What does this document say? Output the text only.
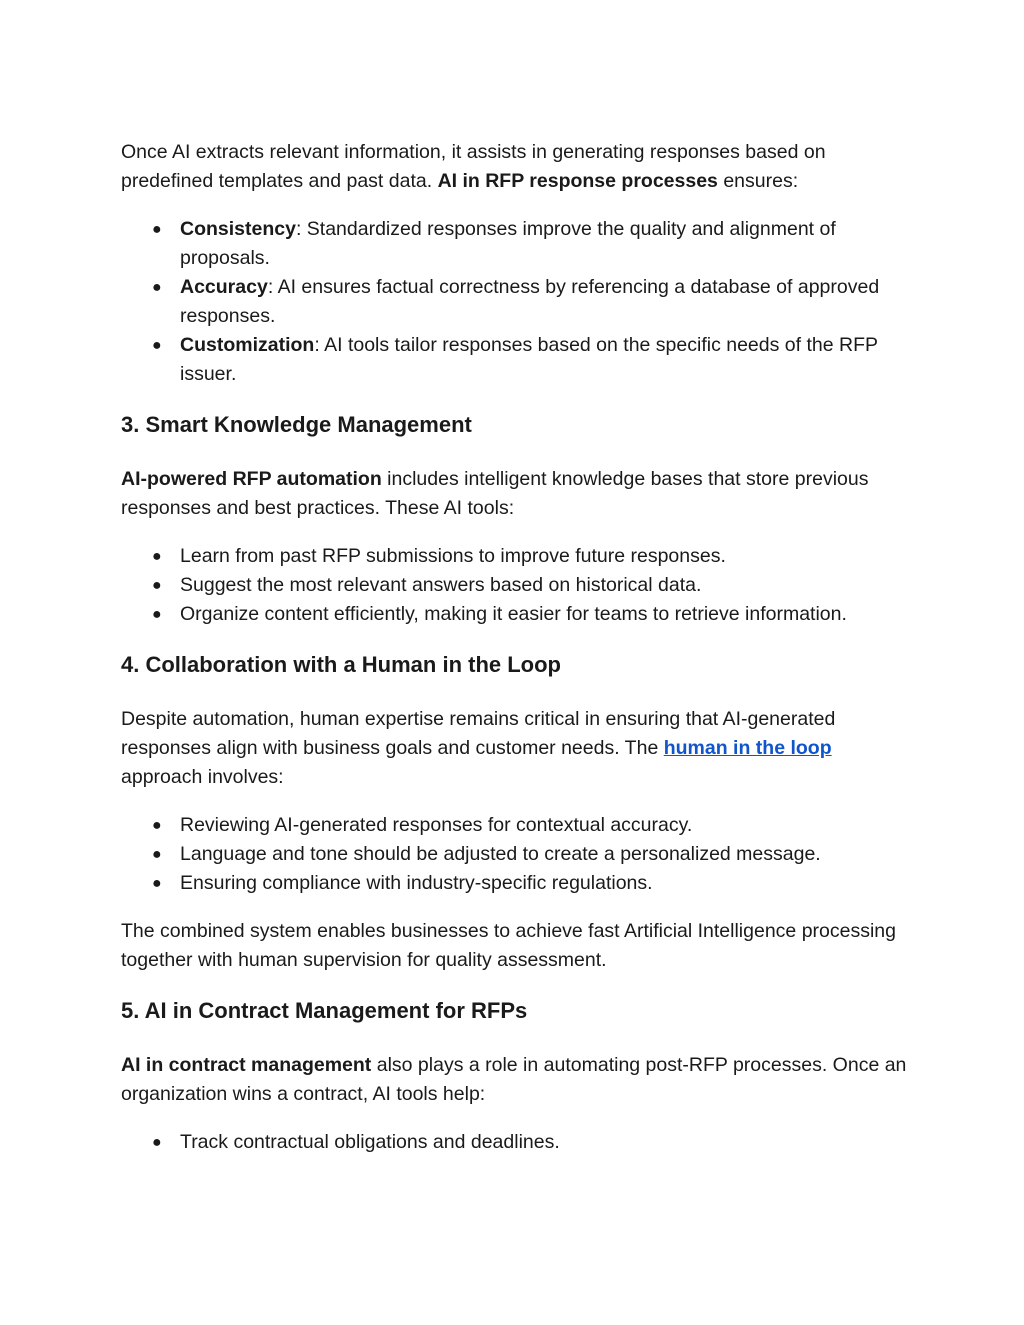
Once AI extracts relevant information, it assists in generating responses based on predefined templates and past data. AI in RFP response processes ensures:

● Consistency: Standardized responses improve the quality and alignment of proposals.
● Accuracy: AI ensures factual correctness by referencing a database of approved responses.
● Customization: AI tools tailor responses based on the specific needs of the RFP issuer.
3. Smart Knowledge Management

AI-powered RFP automation includes intelligent knowledge bases that store previous responses and best practices. These AI tools:

● Learn from past RFP submissions to improve future responses.
● Suggest the most relevant answers based on historical data.
● Organize content efficiently, making it easier for teams to retrieve information.
4. Collaboration with a Human in the Loop

Despite automation, human expertise remains critical in ensuring that AI-generated responses align with business goals and customer needs. The human in the loop approach involves:

● Reviewing AI-generated responses for contextual accuracy.
● Language and tone should be adjusted to create a personalized message.
● Ensuring compliance with industry-specific regulations.

The combined system enables businesses to achieve fast Artificial Intelligence processing together with human supervision for quality assessment.

5. AI in Contract Management for RFPs

AI in contract management also plays a role in automating post-RFP processes. Once an organization wins a contract, AI tools help:

● Track contractual obligations and deadlines.
